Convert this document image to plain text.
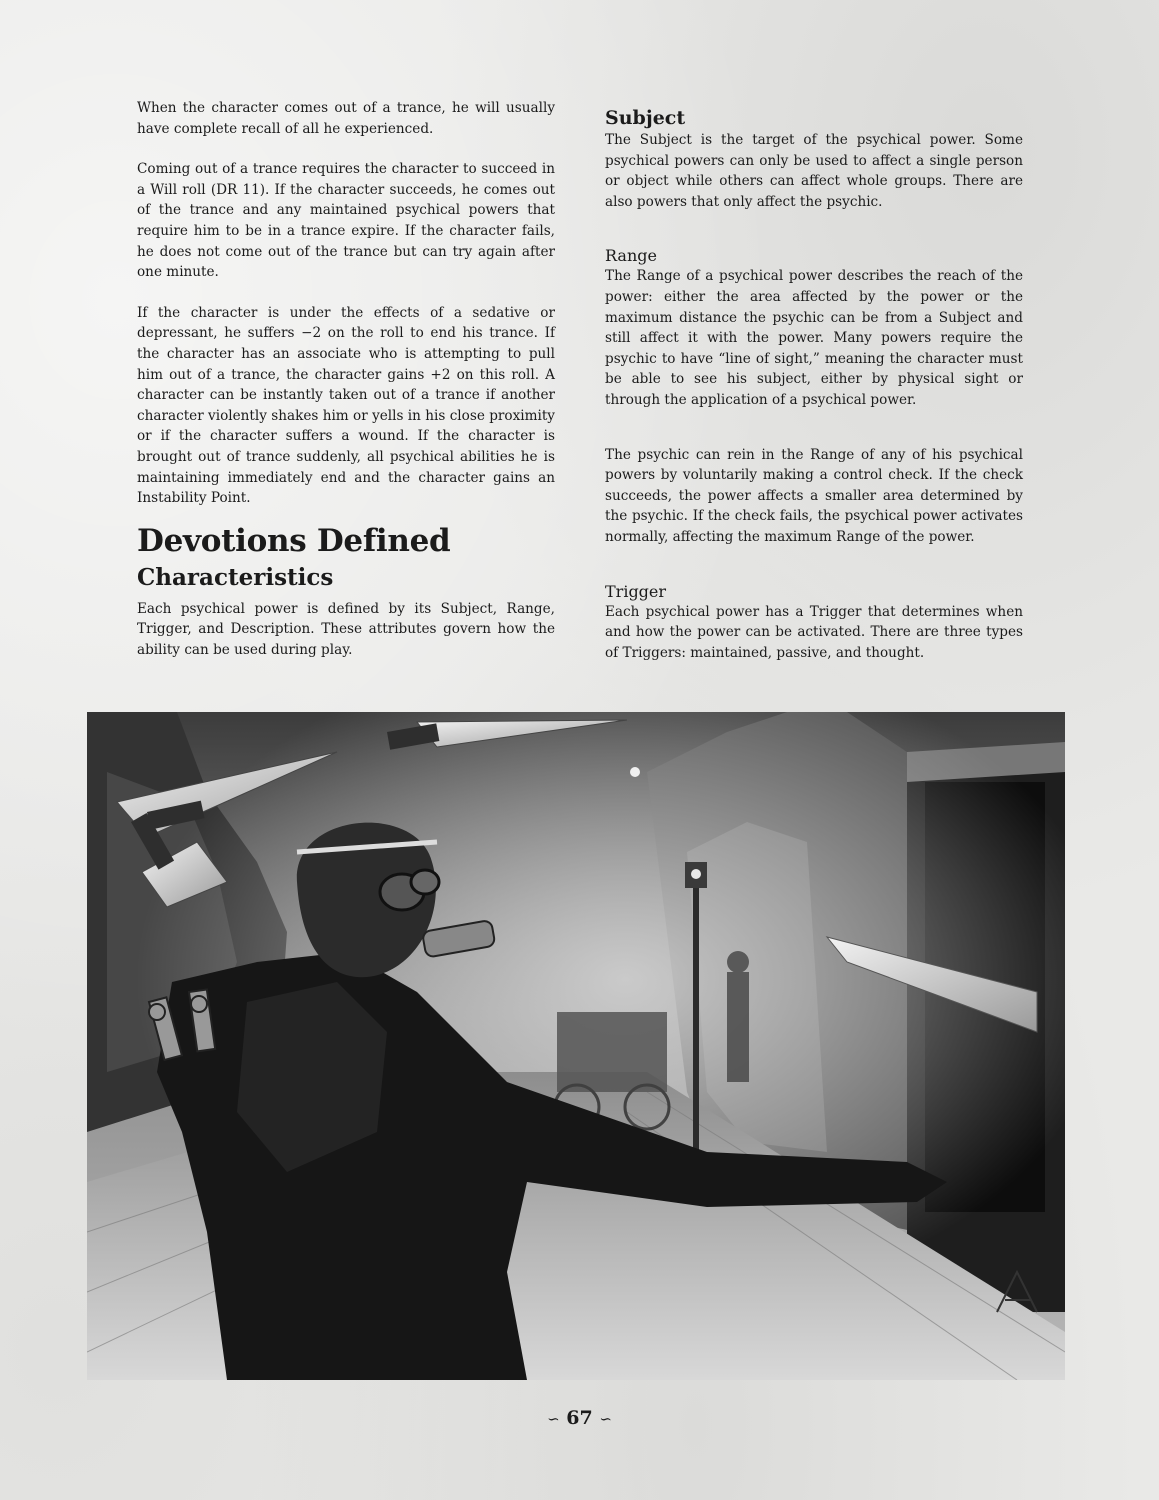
When the character comes out of a trance, he will usually have complete recall of all he experienced.

Coming out of a trance requires the character to succeed in a Will roll (DR 11). If the character succeeds, he comes out of the trance and any maintained psychical powers that require him to be in a trance expire. If the character fails, he does not come out of the trance but can try again after one minute.

If the character is under the effects of a sedative or depressant, he suffers −2 on the roll to end his trance. If the character has an associate who is attempting to pull him out of a trance, the character gains +2 on this roll. A character can be instantly taken out of a trance if another character violently shakes him or yells in his close proximity or if the character suffers a wound. If the character is brought out of trance suddenly, all psychical abilities he is maintaining immediately end and the character gains an Instability Point.

Devotions Defined
Characteristics

Each psychical power is defined by its Subject, Range, Trigger, and Description. These attributes govern how the ability can be used during play.

Subject

The Subject is the target of the psychical power. Some psychical powers can only be used to affect a single person or object while others can affect whole groups. There are also powers that only affect the psychic.

Range

The Range of a psychical power describes the reach of the power: either the area affected by the power or the maximum distance the psychic can be from a Subject and still affect it with the power. Many powers require the psychic to have “line of sight,” meaning the character must be able to see his subject, either by physical sight or through the application of a psychical power.

The psychic can rein in the Range of any of his psychical powers by voluntarily making a control check. If the check succeeds, the power affects a smaller area determined by the psychic. If the check fails, the psychical power activates normally, affecting the maximum Range of the power.

Trigger

Each psychical power has a Trigger that determines when and how the power can be activated. There are three types of Triggers: maintained, passive, and thought.

∽ 67 ∽
